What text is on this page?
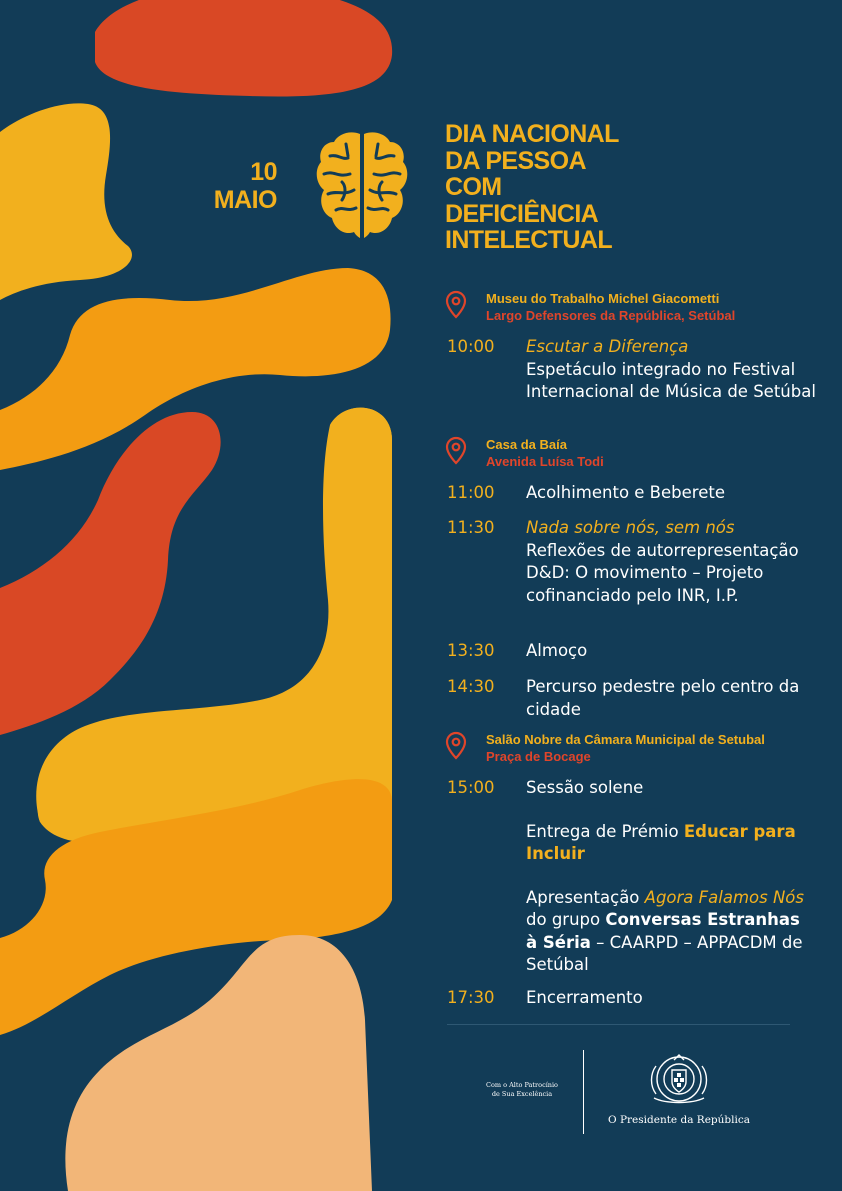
10
MAIO
DIA NACIONAL
DA PESSOA
COM
DEFICIÊNCIA
INTELECTUAL
Museu do Trabalho Michel Giacometti
Largo Defensores da República, Setúbal
10:00 Escutar a Diferença
Espetáculo integrado no Festival Internacional de Música de Setúbal
Casa da Baía
Avenida Luísa Todi
11:00 Acolhimento e Beberete
11:30 Nada sobre nós, sem nós
Reflexões de autorrepresentação
D&D: O movimento – Projeto cofinanciado pelo INR, I.P.
13:30 Almoço
14:30 Percurso pedestre pelo centro da cidade
Salão Nobre da Câmara Municipal de Setubal
Praça de Bocage
15:00 Sessão solene
Entrega de Prémio Educar para Incluir
Apresentação Agora Falamos Nós do grupo Conversas Estranhas à Séria – CAARPD – APPACDM de Setúbal
17:30 Encerramento
Com o Alto Patrocínio
de Sua Excelência
O Presidente da República
